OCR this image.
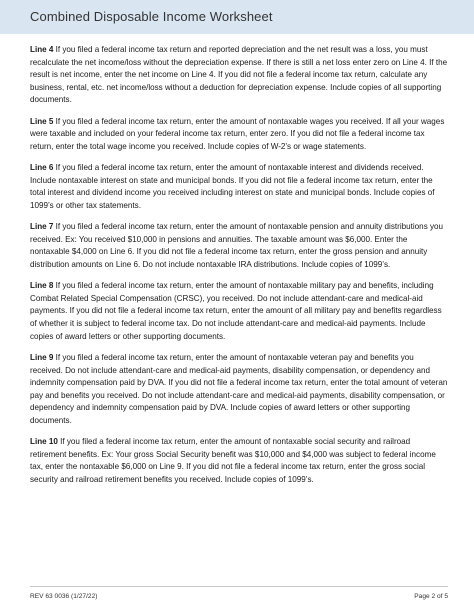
Combined Disposable Income Worksheet

Line 4 If you filed a federal income tax return and reported depreciation and the net result was a loss, you must recalculate the net income/loss without the depreciation expense. If there is still a net loss enter zero on Line 4. If the result is net income, enter the net income on Line 4. If you did not file a federal income tax return, calculate any business, rental, etc. net income/loss without a deduction for depreciation expense. Include copies of all supporting documents.

Line 5 If you filed a federal income tax return, enter the amount of nontaxable wages you received. If all your wages were taxable and included on your federal income tax return, enter zero. If you did not file a federal income tax return, enter the total wage income you received. Include copies of W-2’s or wage statements.

Line 6 If you filed a federal income tax return, enter the amount of nontaxable interest and dividends received. Include nontaxable interest on state and municipal bonds. If you did not file a federal income tax return, enter the total interest and dividend income you received including interest on state and municipal bonds. Include copies of 1099’s or other tax statements.

Line 7 If you filed a federal income tax return, enter the amount of nontaxable pension and annuity distributions you received. Ex: You received $10,000 in pensions and annuities. The taxable amount was $6,000. Enter the nontaxable $4,000 on Line 6. If you did not file a federal income tax return, enter the gross pension and annuity distribution amounts on Line 6. Do not include nontaxable IRA distributions. Include copies of 1099’s.

Line 8 If you filed a federal income tax return, enter the amount of nontaxable military pay and benefits, including Combat Related Special Compensation (CRSC), you received. Do not include attendant-care and medical-aid payments. If you did not file a federal income tax return, enter the amount of all military pay and benefits regardless of whether it is subject to federal income tax. Do not include attendant-care and medical-aid payments. Include copies of award letters or other supporting documents.

Line 9 If you filed a federal income tax return, enter the amount of nontaxable veteran pay and benefits you received. Do not include attendant-care and medical-aid payments, disability compensation, or dependency and indemnity compensation paid by DVA. If you did not file a federal income tax return, enter the total amount of veteran pay and benefits you received. Do not include attendant-care and medical-aid payments, disability compensation, or dependency and indemnity compensation paid by DVA. Include copies of award letters or other supporting documents.

Line 10 If you filed a federal income tax return, enter the amount of nontaxable social security and railroad retirement benefits. Ex: Your gross Social Security benefit was $10,000 and $4,000 was subject to federal income tax, enter the nontaxable $6,000 on Line 9. If you did not file a federal income tax return, enter the gross social security and railroad retirement benefits you received. Include copies of 1099’s.

REV 63 0036 (1/27/22)	Page 2 of 5
